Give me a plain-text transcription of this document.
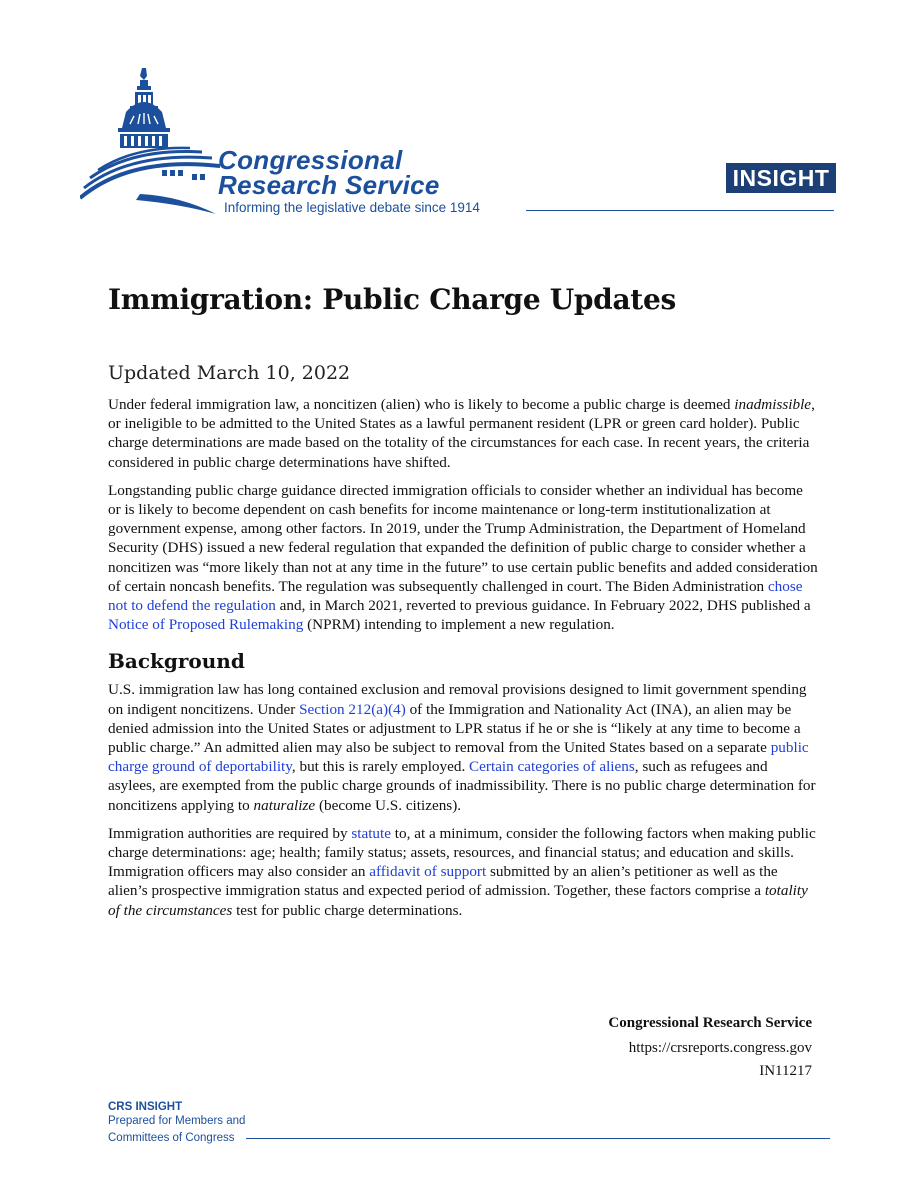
Congressional
Research Service
Informing the legislative debate since 1914
INSIGHT
Immigration: Public Charge Updates
Updated March 10, 2022

Under federal immigration law, a noncitizen (alien) who is likely to become a public charge is deemed inadmissible, or ineligible to be admitted to the United States as a lawful permanent resident (LPR or green card holder). Public charge determinations are made based on the totality of the circumstances for each case. In recent years, the criteria considered in public charge determinations have shifted.

Longstanding public charge guidance directed immigration officials to consider whether an individual has become or is likely to become dependent on cash benefits for income maintenance or long-term institutionalization at government expense, among other factors. In 2019, under the Trump Administration, the Department of Homeland Security (DHS) issued a new federal regulation that expanded the definition of public charge to consider whether a noncitizen was “more likely than not at any time in the future” to use certain public benefits and added consideration of certain noncash benefits. The regulation was subsequently challenged in court. The Biden Administration chose not to defend the regulation and, in March 2021, reverted to previous guidance. In February 2022, DHS published a Notice of Proposed Rulemaking (NPRM) intending to implement a new regulation.

Background

U.S. immigration law has long contained exclusion and removal provisions designed to limit government spending on indigent noncitizens. Under Section 212(a)(4) of the Immigration and Nationality Act (INA), an alien may be denied admission into the United States or adjustment to LPR status if he or she is “likely at any time to become a public charge.” An admitted alien may also be subject to removal from the United States based on a separate public charge ground of deportability, but this is rarely employed. Certain categories of aliens, such as refugees and asylees, are exempted from the public charge grounds of inadmissibility. There is no public charge determination for noncitizens applying to naturalize (become U.S. citizens).

Immigration authorities are required by statute to, at a minimum, consider the following factors when making public charge determinations: age; health; family status; assets, resources, and financial status; and education and skills. Immigration officers may also consider an affidavit of support submitted by an alien’s petitioner as well as the alien’s prospective immigration status and expected period of admission. Together, these factors comprise a totality of the circumstances test for public charge determinations.

Congressional Research Service
https://crsreports.congress.gov
IN11217
CRS INSIGHT
Prepared for Members and
Committees of Congress
